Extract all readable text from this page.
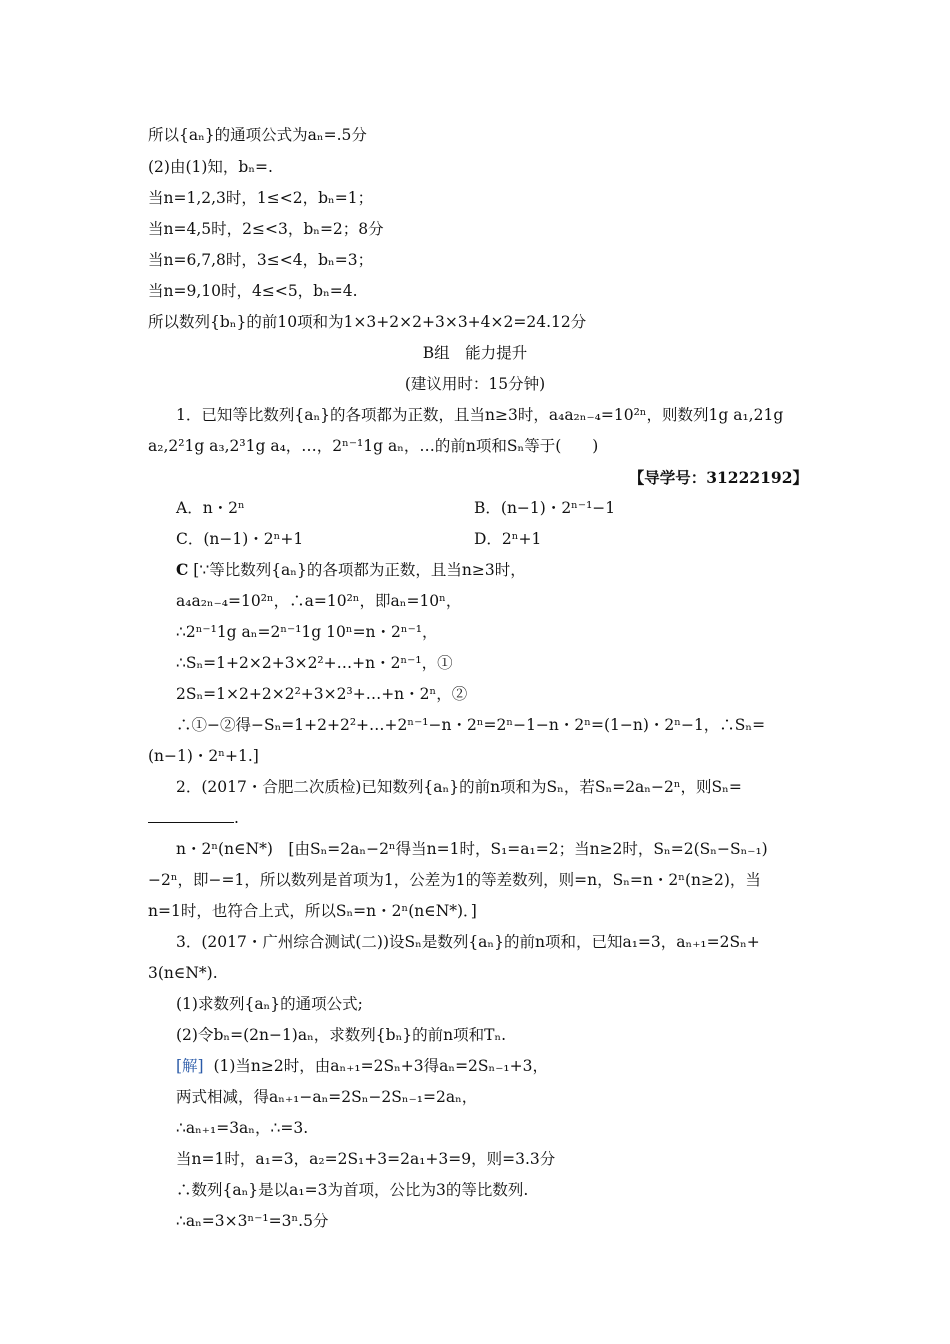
所以{aₙ}的通项公式为aₙ=.5分
(2)由(1)知，bₙ=.
当n=1,2,3时，1≤<2，bₙ=1；
当n=4,5时，2≤<3，bₙ=2；8分
当n=6,7,8时，3≤<4，bₙ=3；
当n=9,10时，4≤<5，bₙ=4.
所以数列{bₙ}的前10项和为1×3+2×2+3×3+4×2=24.12分
B组　能力提升
(建议用时：15分钟)
1．已知等比数列{aₙ}的各项都为正数，且当n≥3时，a₄a₂ₙ₋₄=10²ⁿ，则数列1g a₁,21g
a₂,2²1g a₃,2³1g a₄，…，2ⁿ⁻¹1g aₙ，…的前n项和Sₙ等于(　　)
【导学号：31222192】
A．n・2ⁿ	B．(n−1)・2ⁿ⁻¹−1
C．(n−1)・2ⁿ+1	D．2ⁿ+1
C [∵等比数列{aₙ}的各项都为正数，且当n≥3时，
a₄a₂ₙ₋₄=10²ⁿ，∴a=10²ⁿ，即aₙ=10ⁿ，
∴2ⁿ⁻¹1g aₙ=2ⁿ⁻¹1g 10ⁿ=n・2ⁿ⁻¹，
∴Sₙ=1+2×2+3×2²+…+n・2ⁿ⁻¹，①
2Sₙ=1×2+2×2²+3×2³+…+n・2ⁿ，②
∴①−②得−Sₙ=1+2+2²+…+2ⁿ⁻¹−n・2ⁿ=2ⁿ−1−n・2ⁿ=(1−n)・2ⁿ−1，∴Sₙ=
(n−1)・2ⁿ+1.]
2．(2017・合肥二次质检)已知数列{aₙ}的前n项和为Sₙ，若Sₙ=2aₙ−2ⁿ，则Sₙ=
.
n・2ⁿ(n∈N*)　[由Sₙ=2aₙ−2ⁿ得当n=1时，S₁=a₁=2；当n≥2时，Sₙ=2(Sₙ−Sₙ₋₁)
−2ⁿ，即−=1，所以数列是首项为1，公差为1的等差数列，则=n，Sₙ=n・2ⁿ(n≥2)，当
n=1时，也符合上式，所以Sₙ=n・2ⁿ(n∈N*)．]
3．(2017・广州综合测试(二))设Sₙ是数列{aₙ}的前n项和，已知a₁=3，aₙ₊₁=2Sₙ+
3(n∈N*).
(1)求数列{aₙ}的通项公式;
(2)令bₙ=(2n−1)aₙ，求数列{bₙ}的前n项和Tₙ.
[解] (1)当n≥2时，由aₙ₊₁=2Sₙ+3得aₙ=2Sₙ₋₁+3，
两式相减，得aₙ₊₁−aₙ=2Sₙ−2Sₙ₋₁=2aₙ，
∴aₙ₊₁=3aₙ，∴=3.
当n=1时，a₁=3，a₂=2S₁+3=2a₁+3=9，则=3.3分
∴数列{aₙ}是以a₁=3为首项，公比为3的等比数列.
∴aₙ=3×3ⁿ⁻¹=3ⁿ.5分
